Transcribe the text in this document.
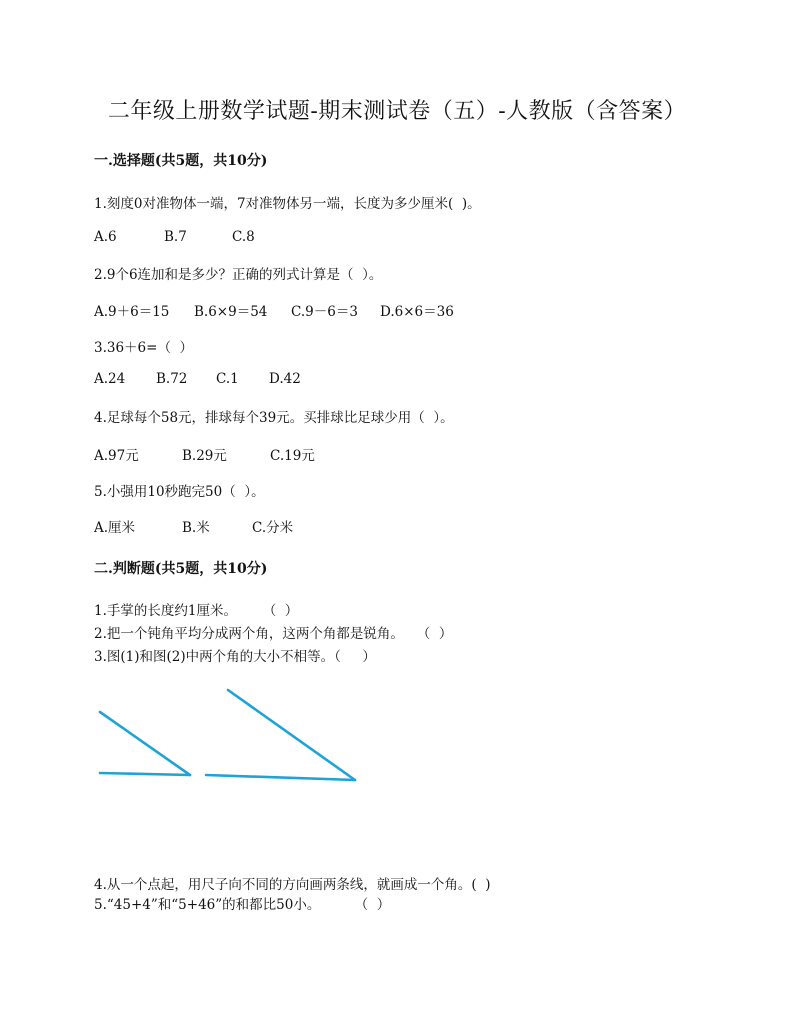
二年级上册数学试题-期末测试卷（五）-人教版（含答案）
一.选择题(共5题，共10分)
1.刻度0对准物体一端，7对准物体另一端，长度为多少厘米(  )。
A.6	B.7	C.8
2.9个6连加和是多少？正确的列式计算是（  ）。
A.9＋6＝15 B.6×9＝54 C.9－6＝3 D.6×6＝36
3.36＋6=（  ）
A.24 B.72 C.1 D.42
4.足球每个58元，排球每个39元。买排球比足球少用（  ）。
A.97元	B.29元	C.19元
5.小强用10秒跑完50（  ）。
A.厘米	B.米	C.分米
二.判断题(共5题，共10分)
1.手掌的长度约1厘米。      （  ）
2.把一个钝角平均分成两个角，这两个角都是锐角。   （  ）
3.图(1)和图(2)中两个角的大小不相等。（     ）
4.从一个点起，用尺子向不同的方向画两条线，就画成一个角。(  )
5.“45+4”和“5+46”的和都比50小。        （  ）
